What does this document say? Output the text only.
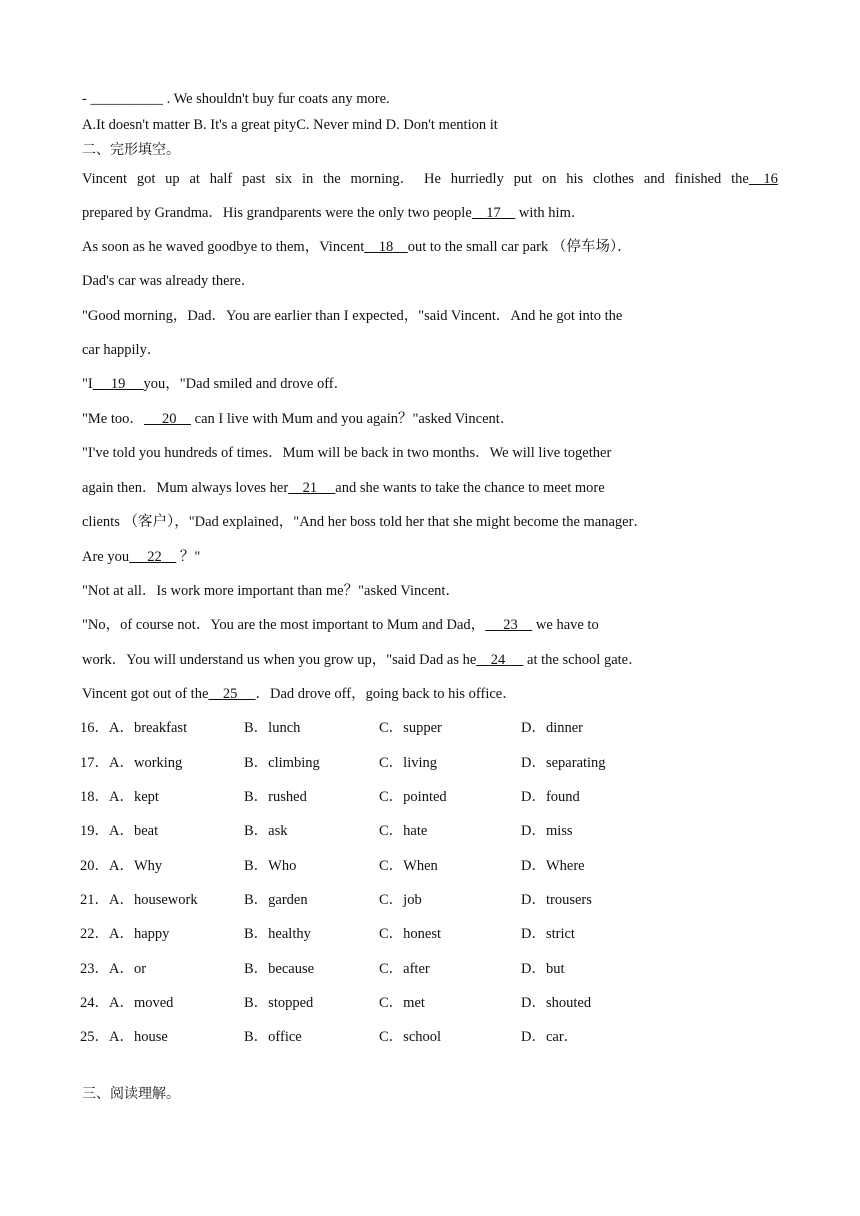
- __________ . We shouldn't buy fur coats any more.
A.It doesn't matter B. It's a great pityC. Never mind D. Don't mention it
二、完形填空。
Vincent got up at half past six in the morning． He hurriedly put on his clothes and finished the 16
prepared by Grandma．His grandparents were the only two people 17 with him．
As soon as he waved goodbye to them，Vincent 18 out to the small car park （停车场）．
Dad's car was already there．
"Good morning，Dad．You are earlier than I expected，"said Vincent．And he got into the
car happily．
"I 19 you，"Dad smiled and drove off．
"Me too． 20 can I live with Mum and you again？"asked Vincent．
"I've told you hundreds of times．Mum will be back in two months．We will live together
again then．Mum always loves her 21 and she wants to take the chance to meet more
clients （客户），"Dad explained，"And her boss told her that she might become the manager．
Are you 22 ？"
"Not at all．Is work more important than me？"asked Vincent．
"No，of course not．You are the most important to Mum and Dad， 23 we have to
work．You will understand us when you grow up，"said Dad as he 24 at the school gate．
Vincent got out of the 25 ．Dad drove off，going back to his office．
16．A．breakfast	B．lunch	C．supper	D．dinner
17．A．working	B．climbing	C．living	D．separating
18．A．kept	B．rushed	C．pointed	D．found
19．A．beat	B．ask	C．hate	D．miss
20．A．Why	B．Who	C．When	D．Where
21．A．housework	B．garden	C．job	D．trousers
22．A．happy	B．healthy	C．honest	D．strict
23．A．or	B．because	C．after	D．but
24．A．moved	B．stopped	C．met	D．shouted
25．A．house	B．office	C．school	D．car．
三、阅读理解。
